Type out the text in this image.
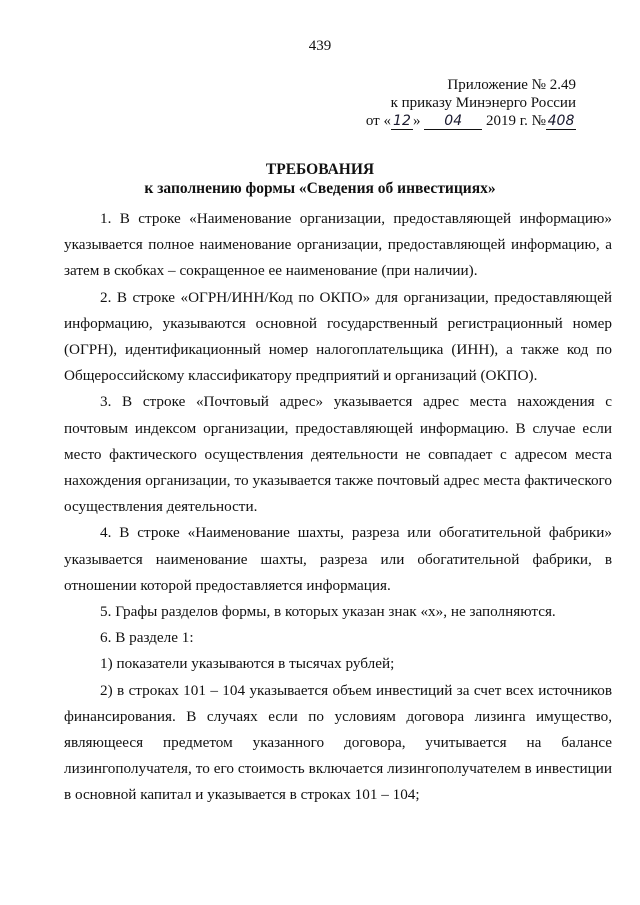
439
Приложение № 2.49
к приказу Минэнерго России
от « 12 » 04 2019 г. № 408
ТРЕБОВАНИЯ
к заполнению формы «Сведения об инвестициях»

1. В строке «Наименование организации, предоставляющей информацию» указывается полное наименование организации, предоставляющей информацию, а затем в скобках – сокращенное ее наименование (при наличии).

2. В строке «ОГРН/ИНН/Код по ОКПО» для организации, предоставляющей информацию, указываются основной государственный регистрационный номер (ОГРН), идентификационный номер налогоплательщика (ИНН), а также код по Общероссийскому классификатору предприятий и организаций (ОКПО).

3. В строке «Почтовый адрес» указывается адрес места нахождения с почтовым индексом организации, предоставляющей информацию. В случае если место фактического осуществления деятельности не совпадает с адресом места нахождения организации, то указывается также почтовый адрес места фактического осуществления деятельности.

4. В строке «Наименование шахты, разреза или обогатительной фабрики» указывается наименование шахты, разреза или обогатительной фабрики, в отношении которой предоставляется информация.

5. Графы разделов формы, в которых указан знак «х», не заполняются.

6. В разделе 1:

1) показатели указываются в тысячах рублей;

2) в строках 101 – 104 указывается объем инвестиций за счет всех источников финансирования. В случаях если по условиям договора лизинга имущество, являющееся предметом указанного договора, учитывается на балансе лизингополучателя, то его стоимость включается лизингополучателем в инвестиции в основной капитал и указывается в строках 101 – 104;
